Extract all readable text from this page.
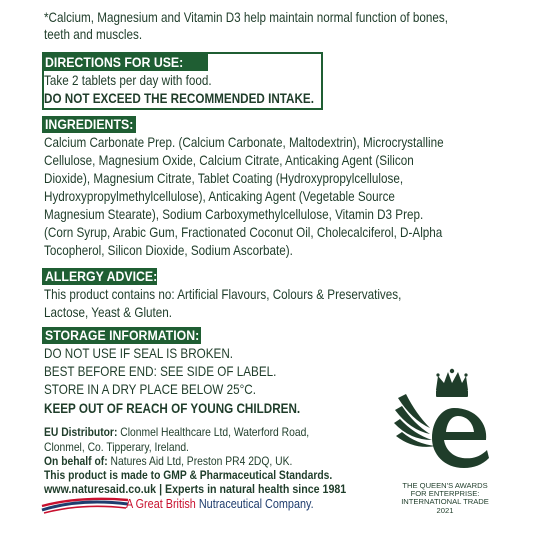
*Calcium, Magnesium and Vitamin D3 help maintain normal function of bones,
teeth and muscles.
DIRECTIONS FOR USE:
Take 2 tablets per day with food.
DO NOT EXCEED THE RECOMMENDED INTAKE.
INGREDIENTS:
Calcium Carbonate Prep. (Calcium Carbonate, Maltodextrin), Microcrystalline
Cellulose, Magnesium Oxide, Calcium Citrate, Anticaking Agent (Silicon
Dioxide), Magnesium Citrate, Tablet Coating (Hydroxypropylcellulose,
Hydroxypropylmethylcellulose), Anticaking Agent (Vegetable Source
Magnesium Stearate), Sodium Carboxymethylcellulose, Vitamin D3 Prep.
(Corn Syrup, Arabic Gum, Fractionated Coconut Oil, Cholecalciferol, D-Alpha
Tocopherol, Silicon Dioxide, Sodium Ascorbate).
ALLERGY ADVICE:
This product contains no: Artificial Flavours, Colours & Preservatives,
Lactose, Yeast & Gluten.
STORAGE INFORMATION:
DO NOT USE IF SEAL IS BROKEN.
BEST BEFORE END: SEE SIDE OF LABEL.
STORE IN A DRY PLACE BELOW 25°C.
KEEP OUT OF REACH OF YOUNG CHILDREN.
EU Distributor: Clonmel Healthcare Ltd, Waterford Road,
Clonmel, Co. Tipperary, Ireland.
On behalf of: Natures Aid Ltd, Preston PR4 2DQ, UK.
This product is made to GMP & Pharmaceutical Standards.
www.naturesaid.co.uk | Experts in natural health since 1981
A Great British Nutraceutical Company.
THE QUEEN'S AWARDS
FOR ENTERPRISE:
INTERNATIONAL TRADE
2021
